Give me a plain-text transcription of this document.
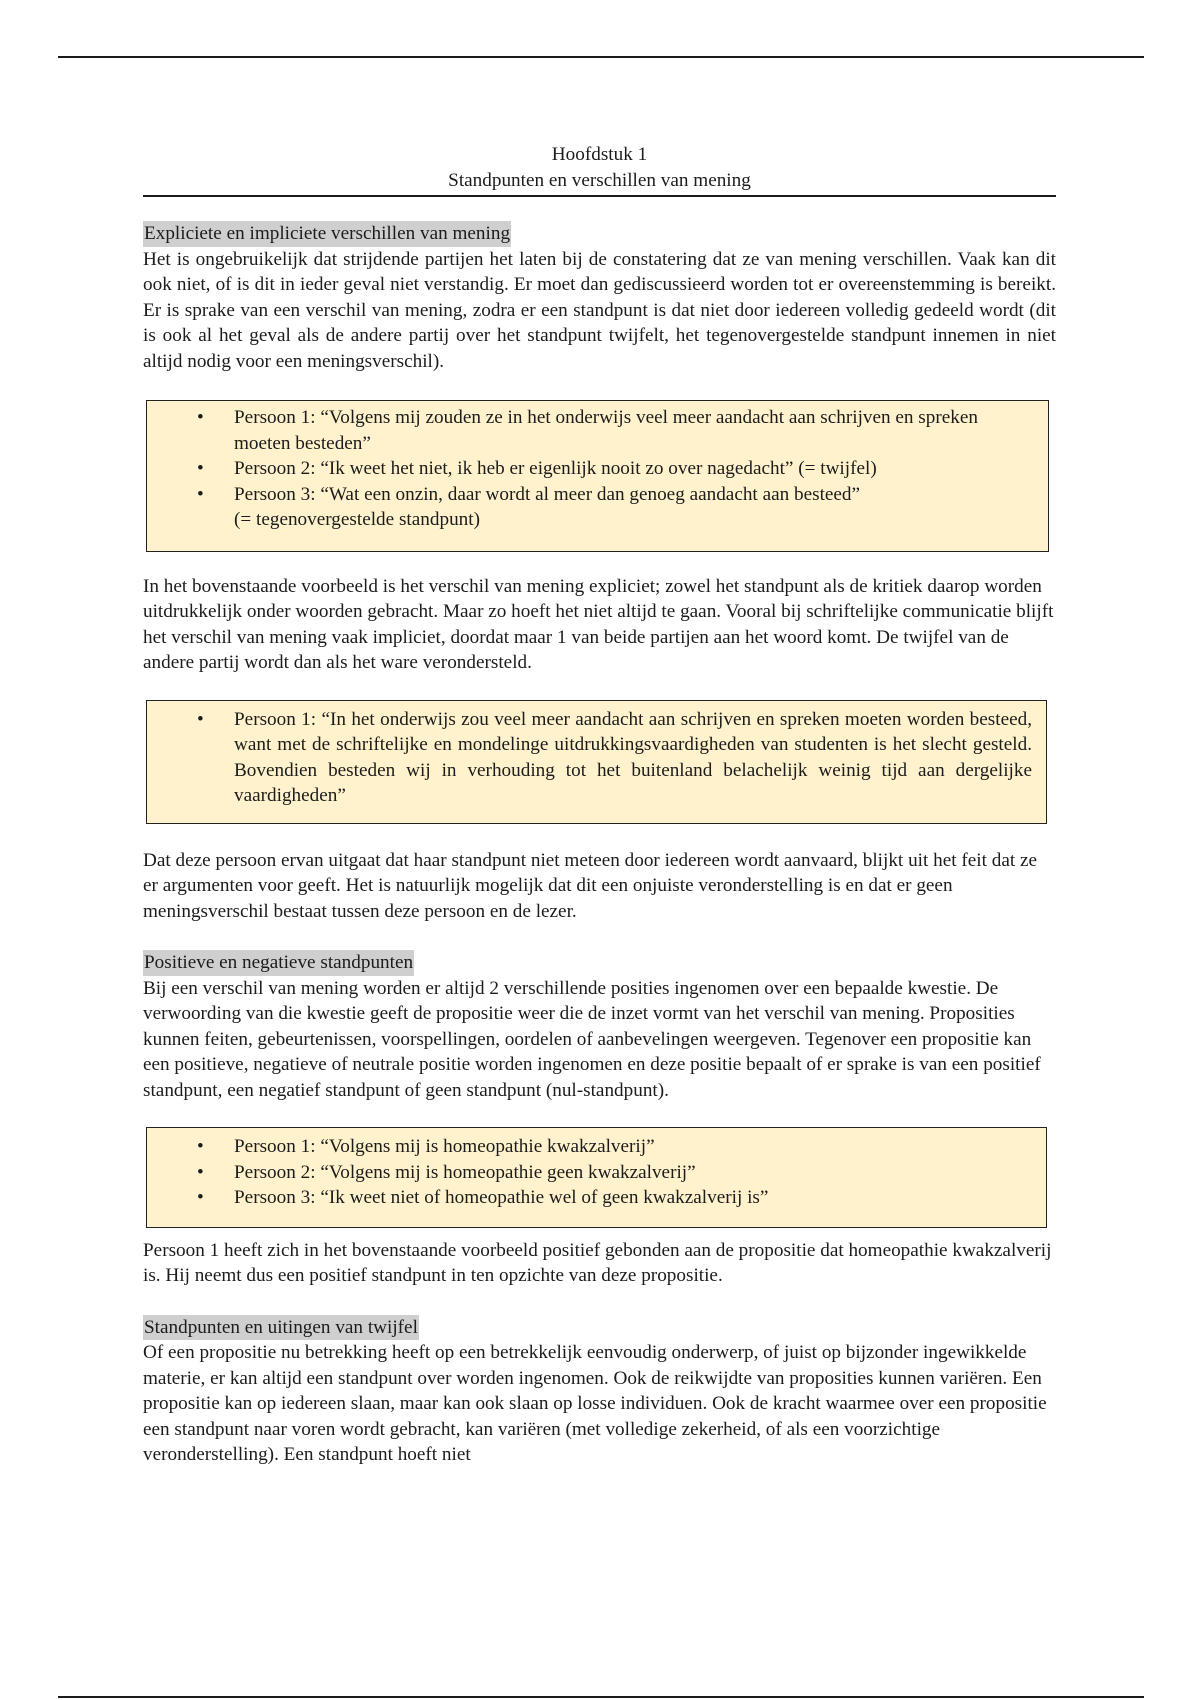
Hoofdstuk 1
Standpunten en verschillen van mening
Expliciete en impliciete verschillen van mening

Het is ongebruikelijk dat strijdende partijen het laten bij de constatering dat ze van mening verschillen. Vaak kan dit ook niet, of is dit in ieder geval niet verstandig. Er moet dan gediscussieerd worden tot er overeenstemming is bereikt. Er is sprake van een verschil van mening, zodra er een standpunt is dat niet door iedereen volledig gedeeld wordt (dit is ook al het geval als de andere partij over het standpunt twijfelt, het tegenovergestelde standpunt innemen in niet altijd nodig voor een meningsverschil).

• Persoon 1: “Volgens mij zouden ze in het onderwijs veel meer aandacht aan schrijven en spreken moeten besteden”
• Persoon 2: “Ik weet het niet, ik heb er eigenlijk nooit zo over nagedacht” (= twijfel)
• Persoon 3: “Wat een onzin, daar wordt al meer dan genoeg aandacht aan besteed”
(= tegenovergestelde standpunt)

In het bovenstaande voorbeeld is het verschil van mening expliciet; zowel het standpunt als de kritiek daarop worden uitdrukkelijk onder woorden gebracht. Maar zo hoeft het niet altijd te gaan. Vooral bij schriftelijke communicatie blijft het verschil van mening vaak impliciet, doordat maar 1 van beide partijen aan het woord komt. De twijfel van de andere partij wordt dan als het ware verondersteld.

• Persoon 1: “In het onderwijs zou veel meer aandacht aan schrijven en spreken moeten worden besteed, want met de schriftelijke en mondelinge uitdrukkingsvaardigheden van studenten is het slecht gesteld. Bovendien besteden wij in verhouding tot het buitenland belachelijk weinig tijd aan dergelijke vaardigheden”

Dat deze persoon ervan uitgaat dat haar standpunt niet meteen door iedereen wordt aanvaard, blijkt uit het feit dat ze er argumenten voor geeft. Het is natuurlijk mogelijk dat dit een onjuiste veronderstelling is en dat er geen meningsverschil bestaat tussen deze persoon en de lezer.

Positieve en negatieve standpunten

Bij een verschil van mening worden er altijd 2 verschillende posities ingenomen over een bepaalde kwestie. De verwoording van die kwestie geeft de propositie weer die de inzet vormt van het verschil van mening. Proposities kunnen feiten, gebeurtenissen, voorspellingen, oordelen of aanbevelingen weergeven. Tegenover een propositie kan een positieve, negatieve of neutrale positie worden ingenomen en deze positie bepaalt of er sprake is van een positief standpunt, een negatief standpunt of geen standpunt (nul-standpunt).

• Persoon 1: “Volgens mij is homeopathie kwakzalverij”
• Persoon 2: “Volgens mij is homeopathie geen kwakzalverij”
• Persoon 3: “Ik weet niet of homeopathie wel of geen kwakzalverij is”

Persoon 1 heeft zich in het bovenstaande voorbeeld positief gebonden aan de propositie dat homeopathie kwakzalverij is. Hij neemt dus een positief standpunt in ten opzichte van deze propositie.

Standpunten en uitingen van twijfel

Of een propositie nu betrekking heeft op een betrekkelijk eenvoudig onderwerp, of juist op bijzonder ingewikkelde materie, er kan altijd een standpunt over worden ingenomen. Ook de reikwijdte van proposities kunnen variëren. Een propositie kan op iedereen slaan, maar kan ook slaan op losse individuen. Ook de kracht waarmee over een propositie een standpunt naar voren wordt gebracht, kan variëren (met volledige zekerheid, of als een voorzichtige veronderstelling). Een standpunt hoeft niet
